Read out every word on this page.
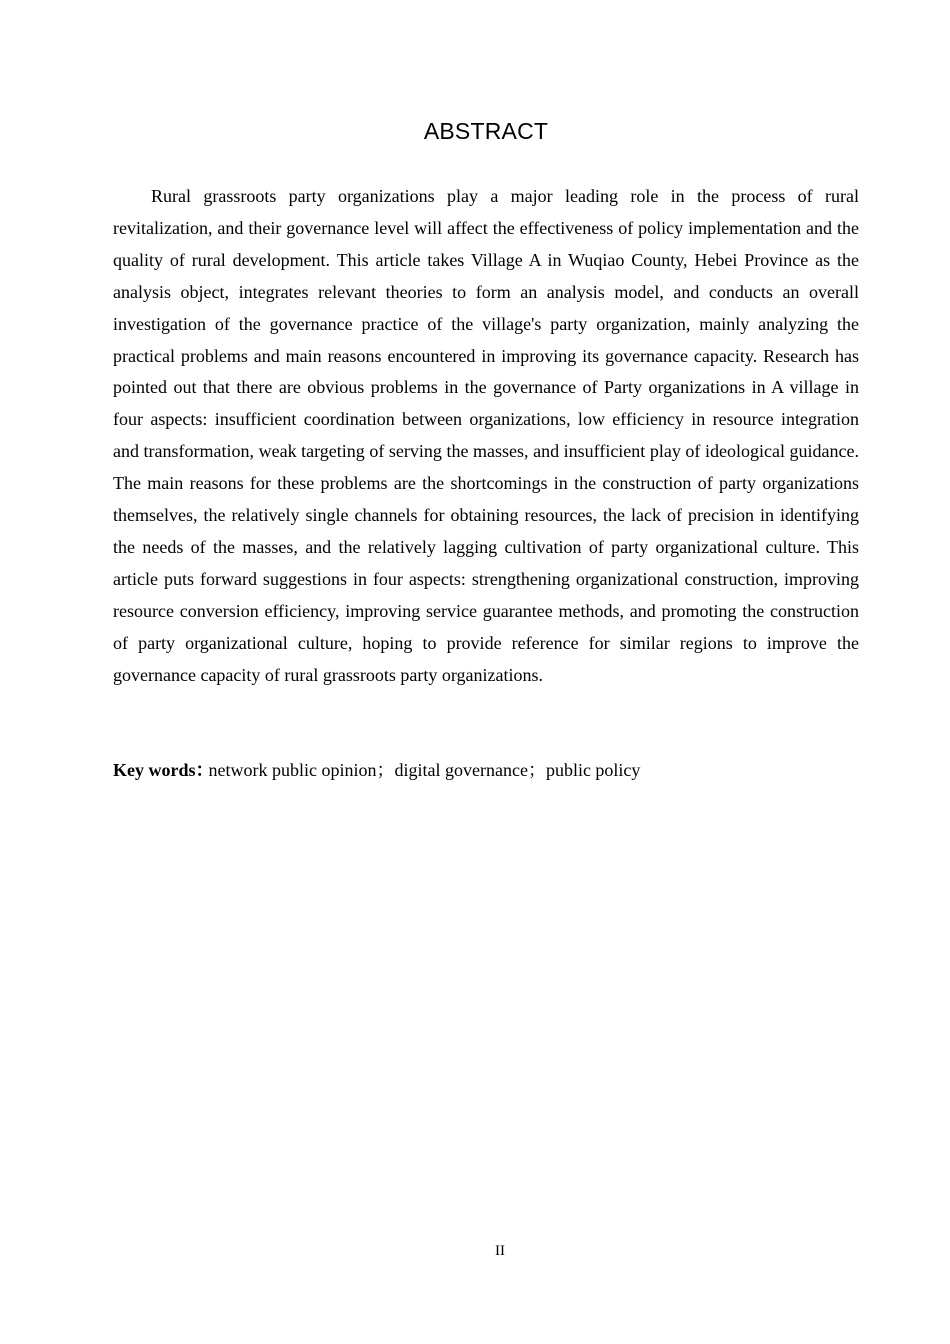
ABSTRACT

Rural grassroots party organizations play a major leading role in the process of rural revitalization, and their governance level will affect the effectiveness of policy implementation and the quality of rural development. This article takes Village A in Wuqiao County, Hebei Province as the analysis object, integrates relevant theories to form an analysis model, and conducts an overall investigation of the governance practice of the village's party organization, mainly analyzing the practical problems and main reasons encountered in improving its governance capacity. Research has pointed out that there are obvious problems in the governance of Party organizations in A village in four aspects: insufficient coordination between organizations, low efficiency in resource integration and transformation, weak targeting of serving the masses, and insufficient play of ideological guidance. The main reasons for these problems are the shortcomings in the construction of party organizations themselves, the relatively single channels for obtaining resources, the lack of precision in identifying the needs of the masses, and the relatively lagging cultivation of party organizational culture. This article puts forward suggestions in four aspects: strengthening organizational construction, improving resource conversion efficiency, improving service guarantee methods, and promoting the construction of party organizational culture, hoping to provide reference for similar regions to improve the governance capacity of rural grassroots party organizations.

Key words：network public opinion；digital governance；public policy
II
